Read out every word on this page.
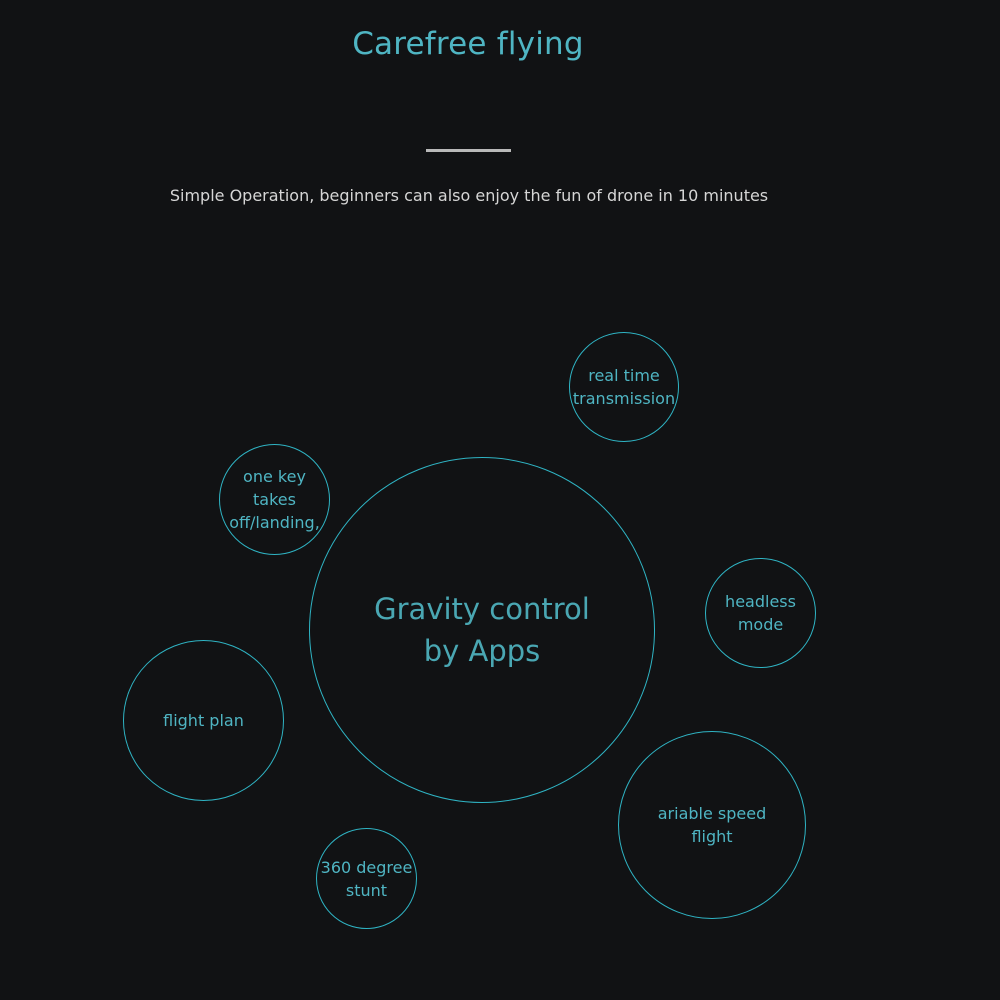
Carefree flying

Simple Operation, beginners can also enjoy the fun of drone in 10 minutes

Gravity control
by Apps
real time
transmission
one key
takes
off/landing,
headless
mode
flight plan
ariable speed
flight
360 degree
stunt
